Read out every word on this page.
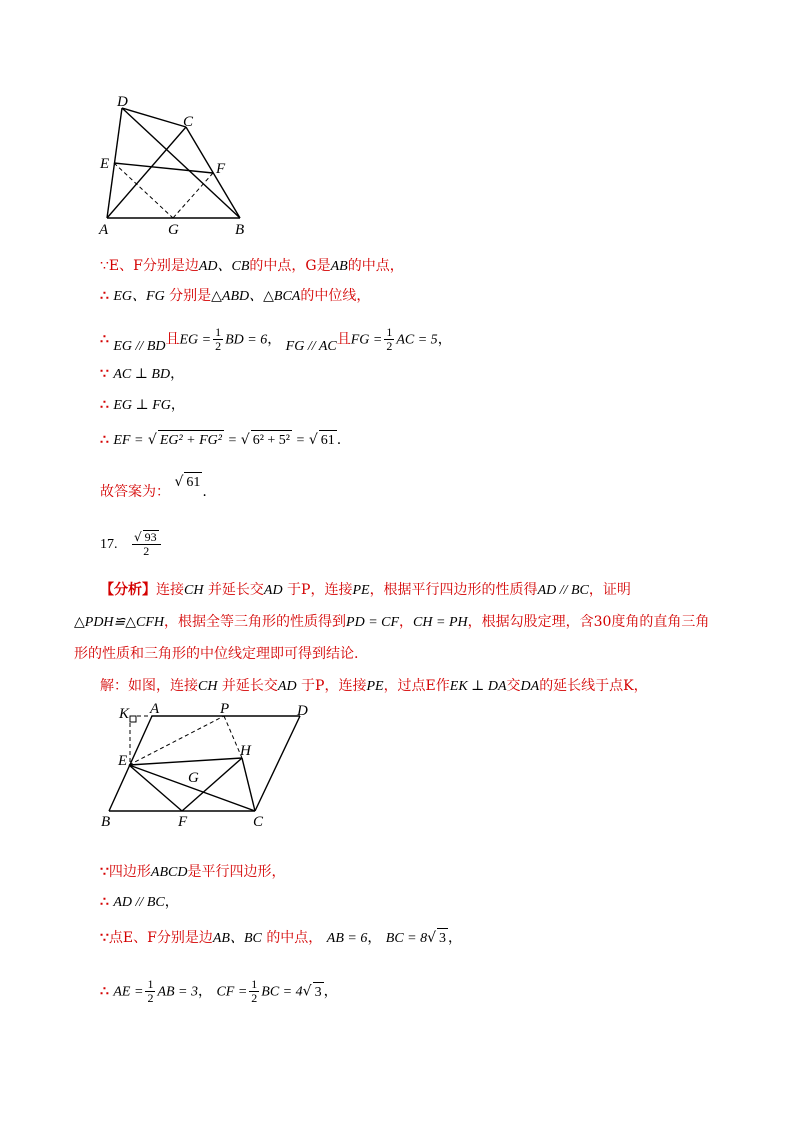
D
C
E	F
A	G	B
∵E、F分别是边AD、CB的中点，G是AB的中点，
∴ EG、FG 分别是△ABD、△BCA的中位线，
∴ EG // BD且EG = $\frac{1}{2}$ BD = 6， FG // AC且FG = $\frac{1}{2}$ AC = 5，
∵ AC ⊥ BD，
∴ EG ⊥ FG，
∴ EF = √ EG² + FG² = √ 6² + 5² = √ 61 .
故答案为： √ 61.
17. $\frac{√ 93}{2}$
【分析】连接CH 并延长交AD 于P，连接PE，根据平行四边形的性质得AD // BC，证明
△PDH≌△CFH，根据全等三角形的性质得到PD = CF，CH = PH，根据勾股定理，含30度角的直角三角
形的性质和三角形的中位线定理即可得到结论.
解：如图，连接CH 并延长交AD 于P，连接PE，过点E作EK ⊥ DA交DA的延长线于点K，
K A	P	D
H
E
G
B	F	C
∵四边形ABCD是平行四边形，
∴ AD // BC，
∵点E、F分别是边AB、BC 的中点， AB = 6， BC = 8√ 3 ，
∴ AE = $\frac{1}{2}$ AB = 3， CF = $\frac{1}{2}$ BC = 4√ 3 ，
